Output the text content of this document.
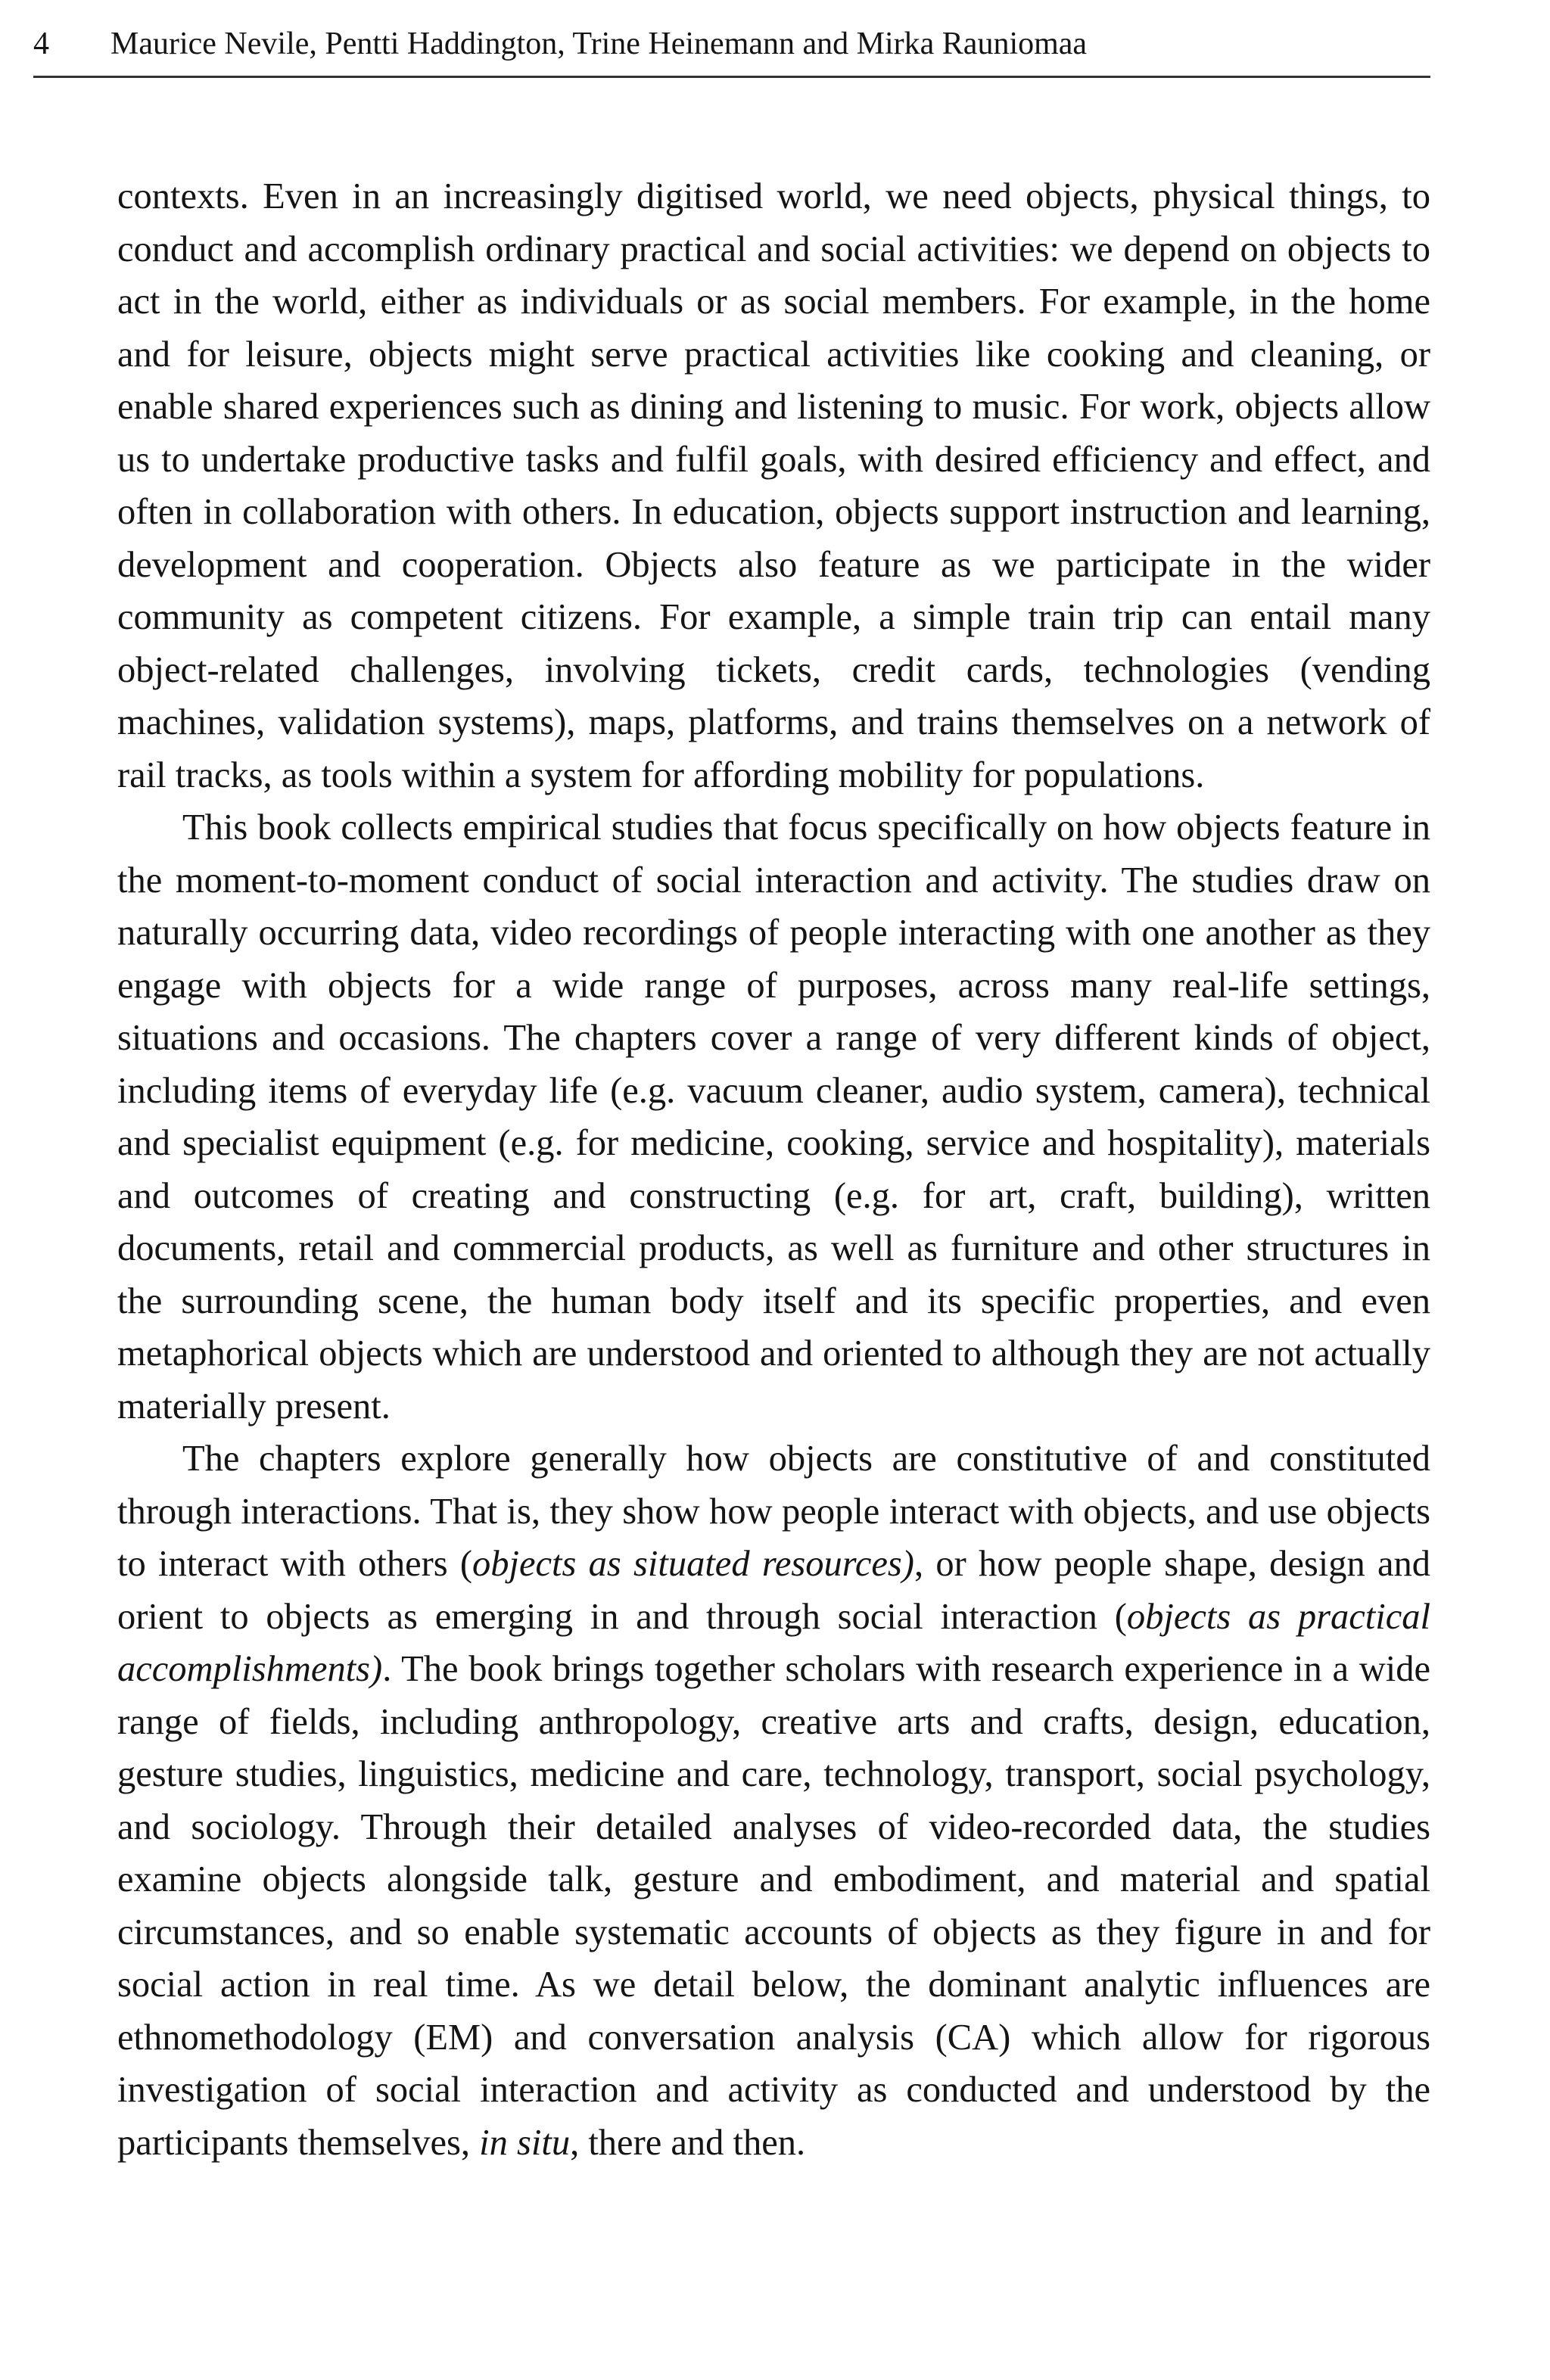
4 Maurice Nevile, Pentti Haddington, Trine Heinemann and Mirka Rauniomaa

contexts. Even in an increasingly digitised world, we need objects, physical things, to conduct and accomplish ordinary practical and social activities: we depend on objects to act in the world, either as individuals or as social members. For example, in the home and for leisure, objects might serve practical activities like cooking and cleaning, or enable shared experiences such as dining and listening to music. For work, objects allow us to undertake productive tasks and fulfil goals, with desired efficiency and effect, and often in collaboration with others. In education, objects support instruction and learning, development and cooperation. Objects also feature as we participate in the wider community as competent citizens. For example, a simple train trip can entail many object-related challenges, involving tickets, credit cards, technologies (vending machines, validation systems), maps, platforms, and trains themselves on a network of rail tracks, as tools within a system for affording mobility for populations.

This book collects empirical studies that focus specifically on how objects feature in the moment-to-moment conduct of social interaction and activity. The studies draw on naturally occurring data, video recordings of people interacting with one another as they engage with objects for a wide range of purposes, across many real-life settings, situations and occasions. The chapters cover a range of very different kinds of object, including items of everyday life (e.g. vacuum cleaner, audio system, camera), technical and specialist equipment (e.g. for medicine, cooking, service and hospitality), materials and outcomes of creating and constructing (e.g. for art, craft, building), written documents, retail and commercial products, as well as furniture and other structures in the surrounding scene, the human body itself and its specific properties, and even metaphorical objects which are understood and oriented to although they are not actually materially present.

The chapters explore generally how objects are constitutive of and constituted through interactions. That is, they show how people interact with objects, and use objects to interact with others (objects as situated resources), or how people shape, design and orient to objects as emerging in and through social interaction (objects as practical accomplishments). The book brings together scholars with research experience in a wide range of fields, including anthropology, creative arts and crafts, design, education, gesture studies, linguistics, medicine and care, technology, transport, social psychology, and sociology. Through their detailed analyses of video-recorded data, the studies examine objects alongside talk, gesture and embodiment, and material and spatial circumstances, and so enable systematic accounts of objects as they figure in and for social action in real time. As we detail below, the dominant analytic influences are ethnomethodology (EM) and conversation analysis (CA) which allow for rigorous investigation of social interaction and activity as conducted and understood by the participants themselves, in situ, there and then.
